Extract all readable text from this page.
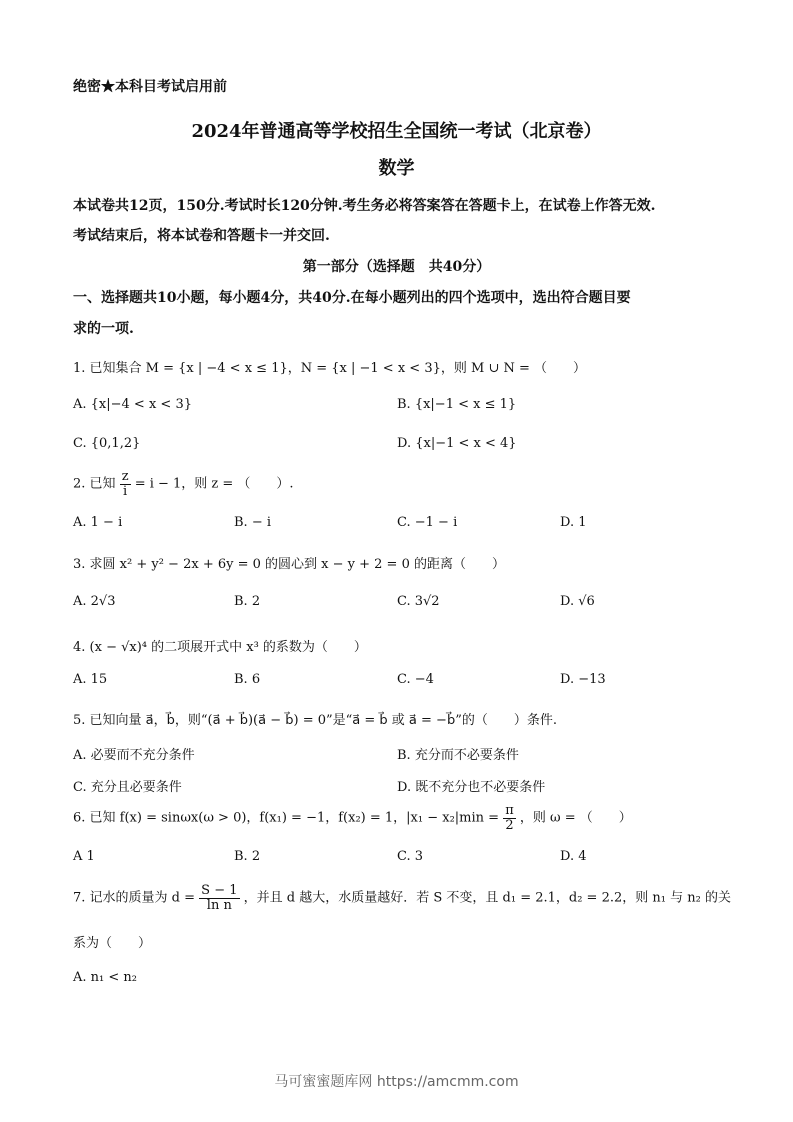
绝密★本科目考试启用前
2024年普通高等学校招生全国统一考试（北京卷）
数学
本试卷共12页，150分.考试时长120分钟.考生务必将答案答在答题卡上，在试卷上作答无效.
考试结束后，将本试卷和答题卡一并交回.
第一部分（选择题　共40分）
一、选择题共10小题，每小题4分，共40分.在每小题列出的四个选项中，选出符合题目要
求的一项.
1. 已知集合 M = {x | −4 < x ≤ 1}，N = {x | −1 < x < 3}，则 M ∪ N = （　　）
A. {x|−4 < x < 3}	B. {x|−1 < x ≤ 1}
C. {0,1,2}	D. {x|−1 < x < 4}
2. 已知 $\frac{z}{i} = i - 1$，则 z = （　　）.
A. 1 − i	B. − i	C. −1 − i	D. 1
3. 求圆 x² + y² − 2x + 6y = 0 的圆心到 x − y + 2 = 0 的距离（　　）
A. 2√3	B. 2	C. 3√2	D. √6
4. (x − √x)⁴ 的二项展开式中 x³ 的系数为（　　）
A. 15	B. 6	C. −4	D. −13
5. 已知向量 a⃗，b⃗，则“(a⃗ + b⃗)(a⃗ − b⃗) = 0”是“a⃗ = b⃗ 或 a⃗ = −b⃗”的（　　）条件.
A. 必要而不充分条件	B. 充分而不必要条件
C. 充分且必要条件	D. 既不充分也不必要条件
6. 已知 f(x) = sinωx(ω > 0)，f(x₁) = −1，f(x₂) = 1，$|x_1 - x_2|\min = \frac{\pi}{2}$ ，则 ω = （　　）
A 1	B. 2	C. 3	D. 4
7. 记水的质量为 $d = \frac{S - 1}{\text{ln n}}$ ，并且 d 越大，水质量越好．若 S 不变，且 d₁ = 2.1，d₂ = 2.2，则 n₁ 与 n₂ 的关
系为（　　）
A. n₁ < n₂
马可蜜蜜题库网 https://amcmm.com
